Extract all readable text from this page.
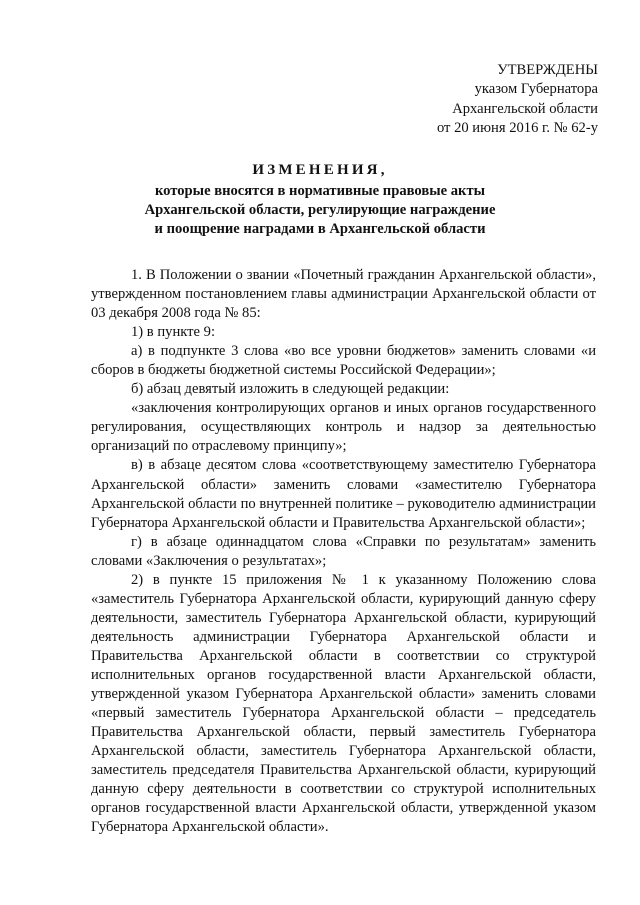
УТВЕРЖДЕНЫ
указом Губернатора
Архангельской области
от 20 июня 2016 г. № 62-у
ИЗМЕНЕНИЯ,
которые вносятся в нормативные правовые акты
Архангельской области, регулирующие награждение
и поощрение наградами в Архангельской области

1. В Положении о звании «Почетный гражданин Архангельской области», утвержденном постановлением главы администрации Архангельской области от 03 декабря 2008 года № 85:

1) в пункте 9:

а) в подпункте 3 слова «во все уровни бюджетов» заменить словами «и сборов в бюджеты бюджетной системы Российской Федерации»;

б) абзац девятый изложить в следующей редакции:

«заключения контролирующих органов и иных органов государственного регулирования, осуществляющих контроль и надзор за деятельностью организаций по отраслевому принципу»;

в) в абзаце десятом слова «соответствующему заместителю Губернатора Архангельской области» заменить словами «заместителю Губернатора Архангельской области по внутренней политике – руководителю администрации Губернатора Архангельской области и Правительства Архангельской области»;

г) в абзаце одиннадцатом слова «Справки по результатам» заменить словами «Заключения о результатах»;

2) в пункте 15 приложения № 1 к указанному Положению слова «заместитель Губернатора Архангельской области, курирующий данную сферу деятельности, заместитель Губернатора Архангельской области, курирующий деятельность администрации Губернатора Архангельской области и Правительства Архангельской области в соответствии со структурой исполнительных органов государственной власти Архангельской области, утвержденной указом Губернатора Архангельской области» заменить словами «первый заместитель Губернатора Архангельской области – председатель Правительства Архангельской области, первый заместитель Губернатора Архангельской области, заместитель Губернатора Архангельской области, заместитель председателя Правительства Архангельской области, курирующий данную сферу деятельности в соответствии со структурой исполнительных органов государственной власти Архангельской области, утвержденной указом Губернатора Архангельской области».
